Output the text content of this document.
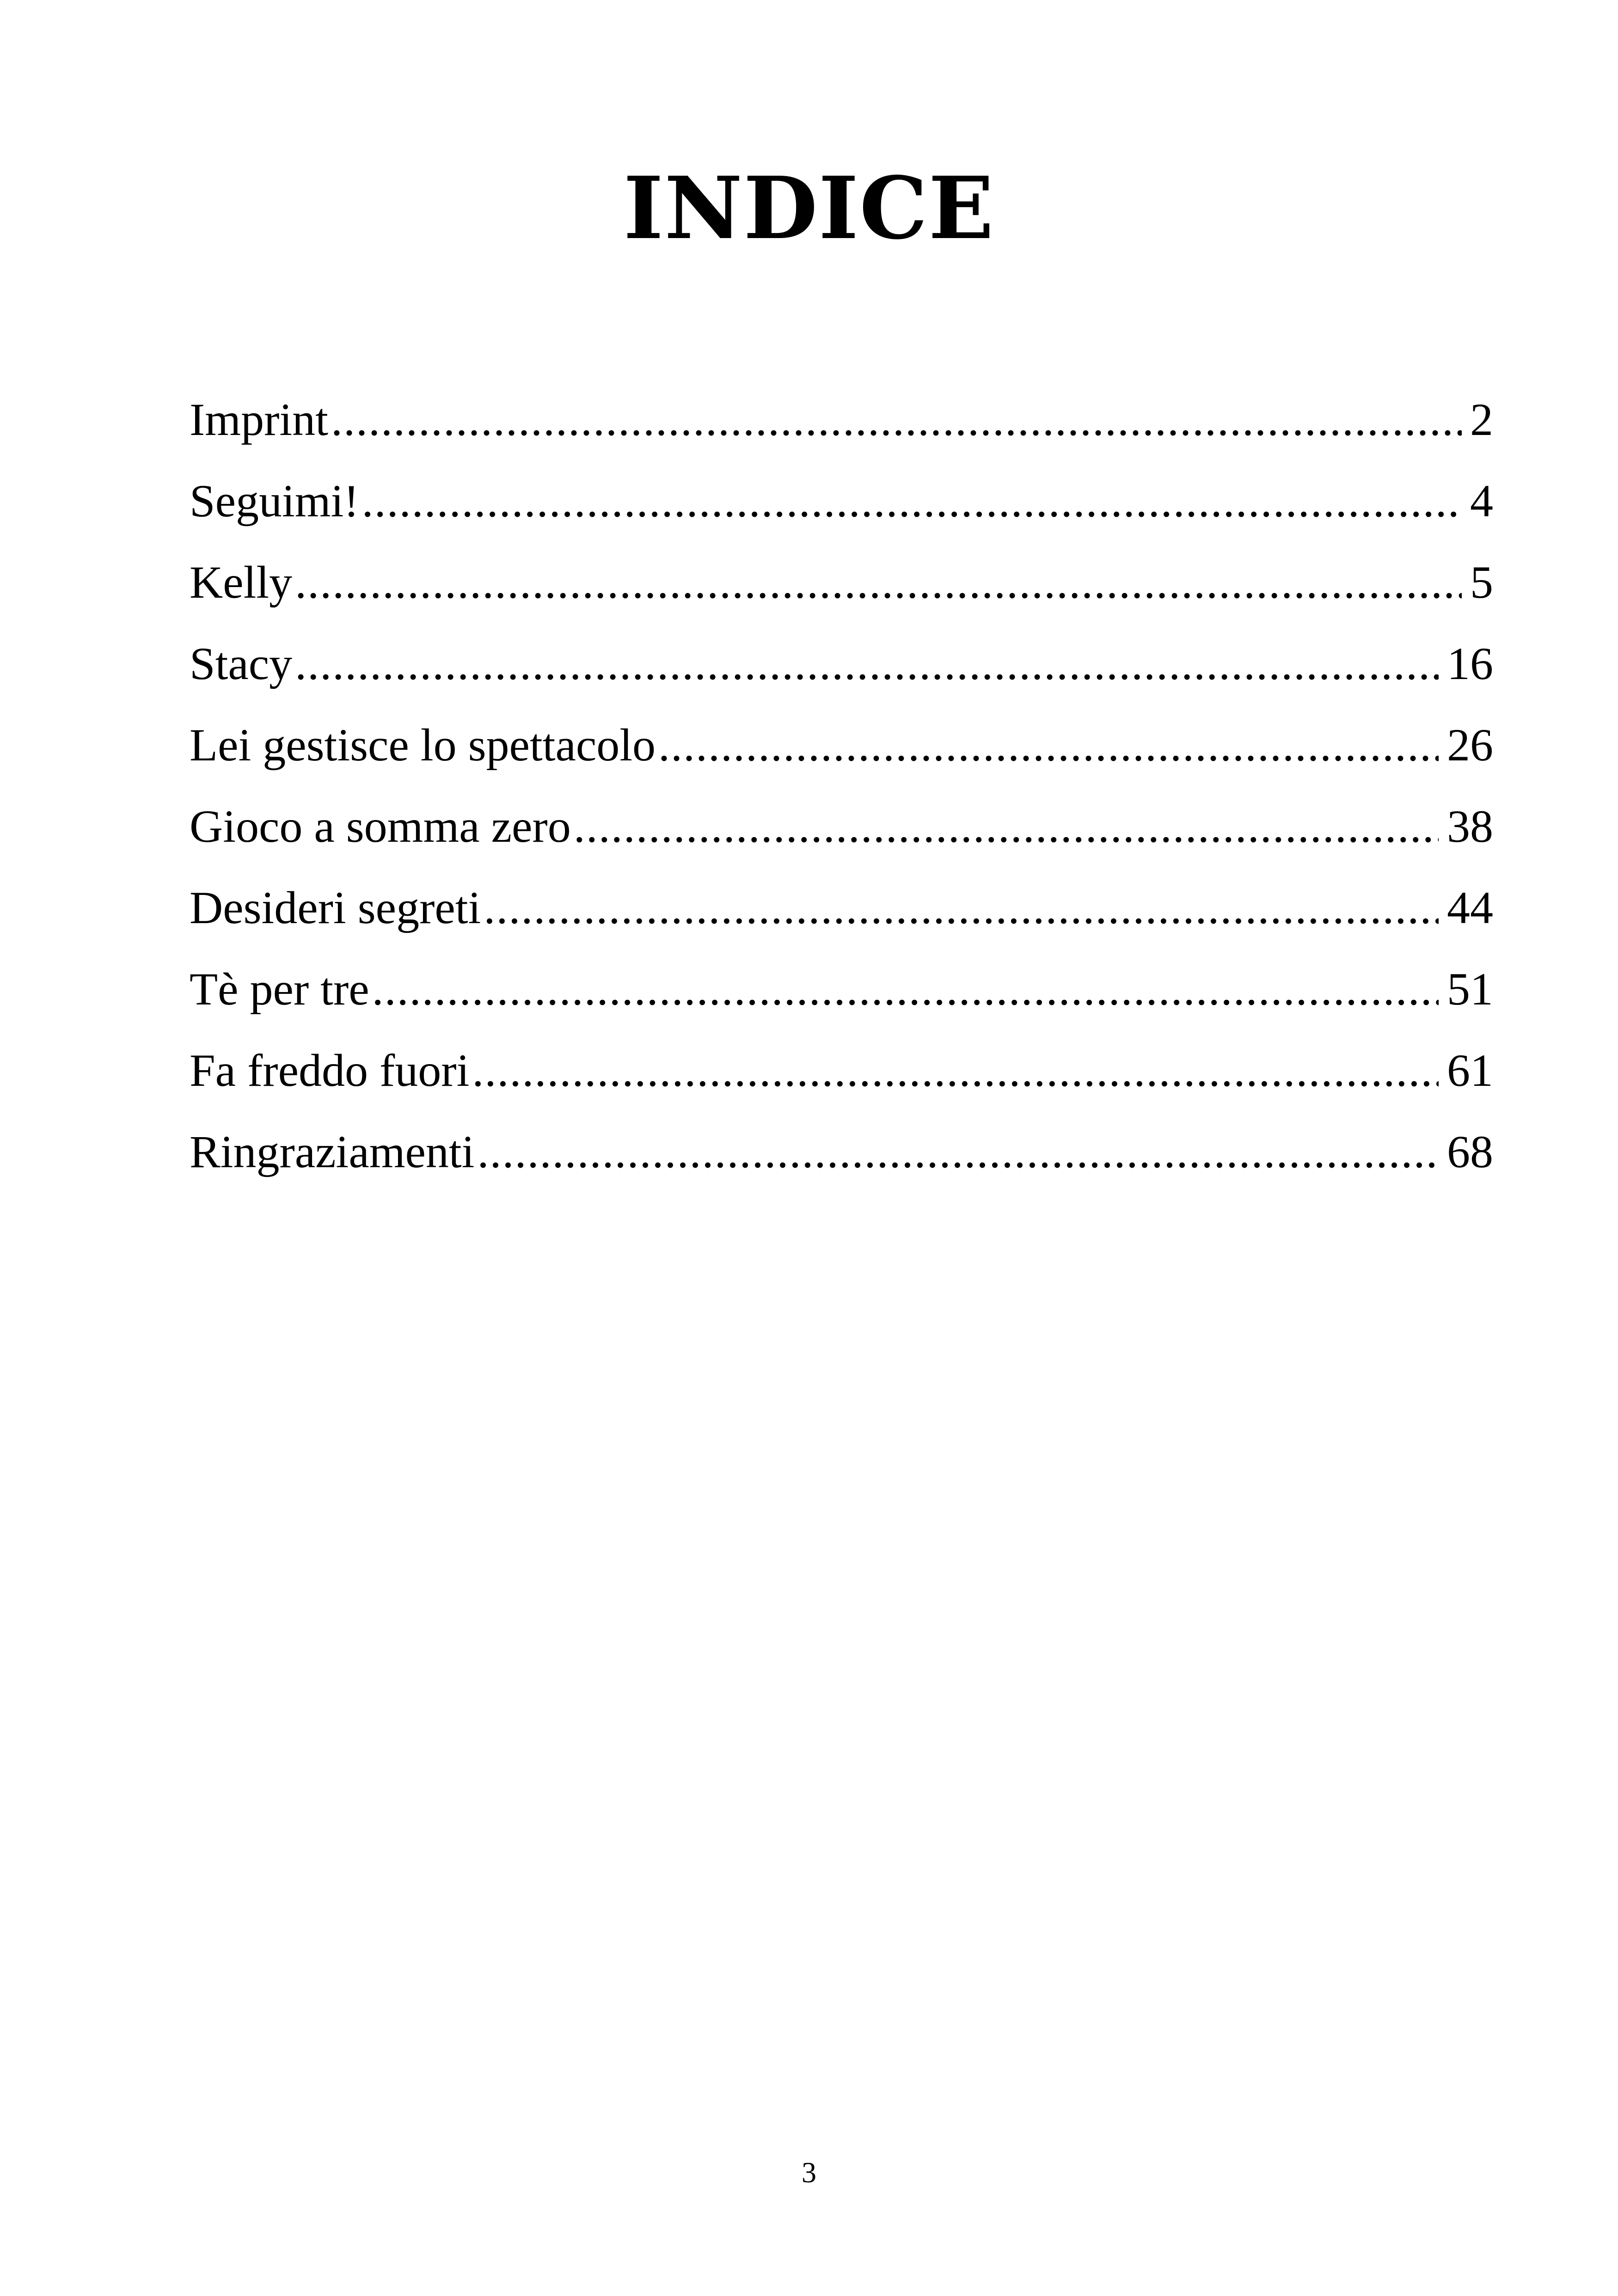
INDICE
Imprint .....	2
Seguimi! .....	4
Kelly .....	5
Stacy .....	16
Lei gestisce lo spettacolo .....	26
Gioco a somma zero .....	38
Desideri segreti .....	44
Tè per tre .....	51
Fa freddo fuori .....	61
Ringraziamenti .....	68
3
